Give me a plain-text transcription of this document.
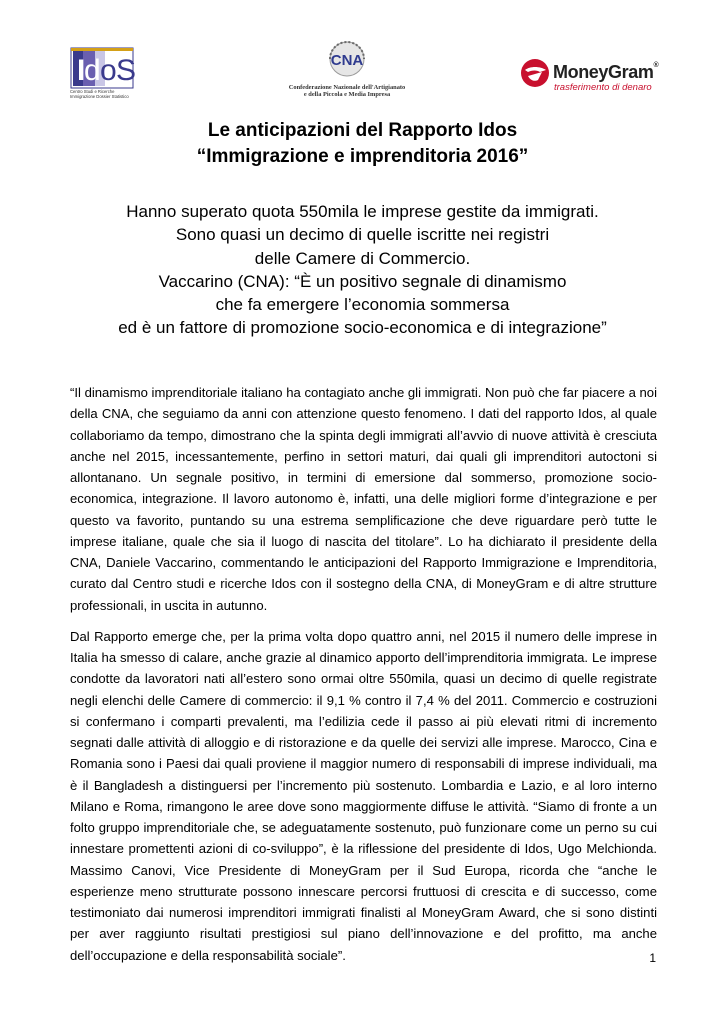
I d o S
Centro Studi e Ricerche
Immigrazione Dossier Statistico
CNA
Confederazione Nazionale dell'Artigianato
e della Piccola e Media Impresa
MoneyGram®
trasferimento di denaro
Le anticipazioni del Rapporto Idos
“Immigrazione e imprenditoria 2016”
Hanno superato quota 550mila le imprese gestite da immigrati.
Sono quasi un decimo di quelle iscritte nei registri
delle Camere di Commercio.
Vaccarino (CNA): “È un positivo segnale di dinamismo
che fa emergere l’economia sommersa
ed è un fattore di promozione socio-economica e di integrazione”

“Il dinamismo imprenditoriale italiano ha contagiato anche gli immigrati. Non può che far piacere a noi della CNA, che seguiamo da anni con attenzione questo fenomeno. I dati del rapporto Idos, al quale collaboriamo da tempo, dimostrano che la spinta degli immigrati all’avvio di nuove attività è cresciuta anche nel 2015, incessantemente, perfino in settori maturi, dai quali gli imprenditori autoctoni si allontanano. Un segnale positivo, in termini di emersione dal sommerso, promozione socio-economica, integrazione. Il lavoro autonomo è, infatti, una delle migliori forme d’integrazione e per questo va favorito, puntando su una estrema semplificazione che deve riguardare però tutte le imprese italiane, quale che sia il luogo di nascita del titolare”. Lo ha dichiarato il presidente della CNA, Daniele Vaccarino, commentando le anticipazioni del Rapporto Immigrazione e Imprenditoria, curato dal Centro studi e ricerche Idos con il sostegno della CNA, di MoneyGram e di altre strutture professionali, in uscita in autunno.

Dal Rapporto emerge che, per la prima volta dopo quattro anni, nel 2015 il numero delle imprese in Italia ha smesso di calare, anche grazie al dinamico apporto dell’imprenditoria immigrata. Le imprese condotte da lavoratori nati all’estero sono ormai oltre 550mila, quasi un decimo di quelle registrate negli elenchi delle Camere di commercio: il 9,1 % contro il 7,4 % del 2011. Commercio e costruzioni si confermano i comparti prevalenti, ma l’edilizia cede il passo ai più elevati ritmi di incremento segnati dalle attività di alloggio e di ristorazione e da quelle dei servizi alle imprese. Marocco, Cina e Romania sono i Paesi dai quali proviene il maggior numero di responsabili di imprese individuali, ma è il Bangladesh a distinguersi per l’incremento più sostenuto. Lombardia e Lazio, e al loro interno Milano e Roma, rimangono le aree dove sono maggiormente diffuse le attività. “Siamo di fronte a un folto gruppo imprenditoriale che, se adeguatamente sostenuto, può funzionare come un perno su cui innestare promettenti azioni di co-sviluppo”, è la riflessione del presidente di Idos, Ugo Melchionda. Massimo Canovi, Vice Presidente di MoneyGram per il Sud Europa, ricorda che “anche le esperienze meno strutturate possono innescare percorsi fruttuosi di crescita e di successo, come testimoniato dai numerosi imprenditori immigrati finalisti al MoneyGram Award, che si sono distinti per aver raggiunto risultati prestigiosi sul piano dell’innovazione e del profitto, ma anche dell’occupazione e della responsabilità sociale”.	1
